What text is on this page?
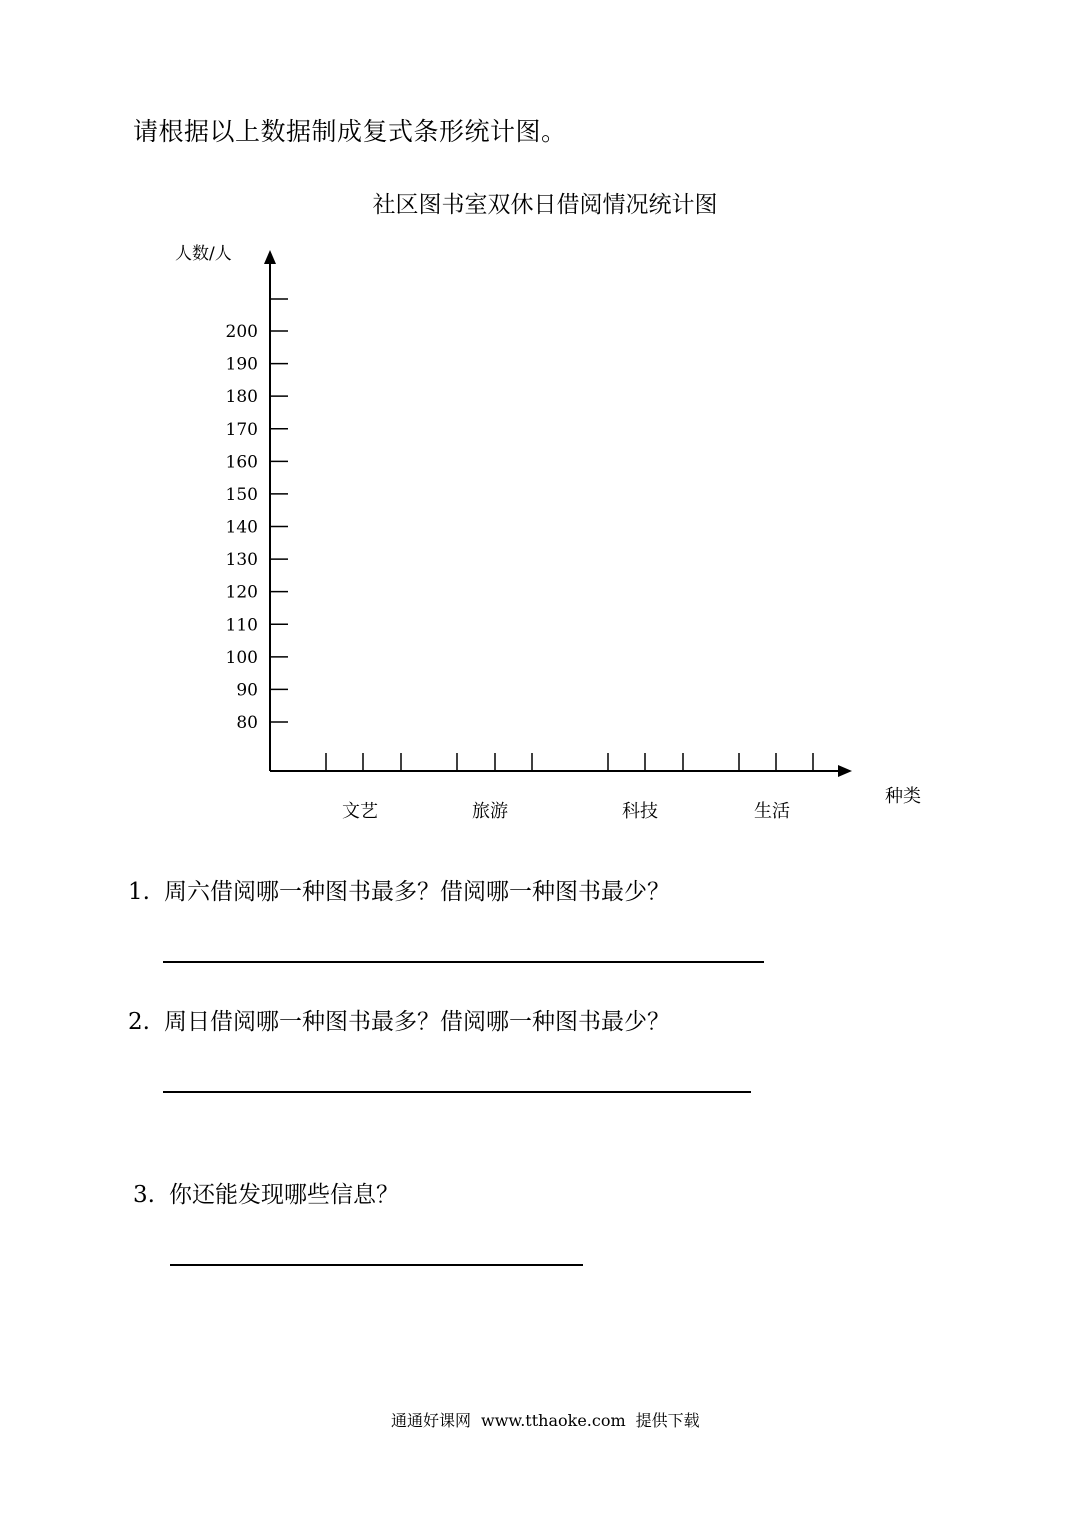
请根据以上数据制成复式条形统计图。
社区图书室双休日借阅情况统计图
人数/人
种类
200
190
180
170
160
150
140
130
120
110
100
90
80
文艺	旅游	科技	生活
1. 周六借阅哪一种图书最多？借阅哪一种图书最少？
2. 周日借阅哪一种图书最多？借阅哪一种图书最少？
3. 你还能发现哪些信息？
通通好课网 www.tthaoke.com 提供下载
